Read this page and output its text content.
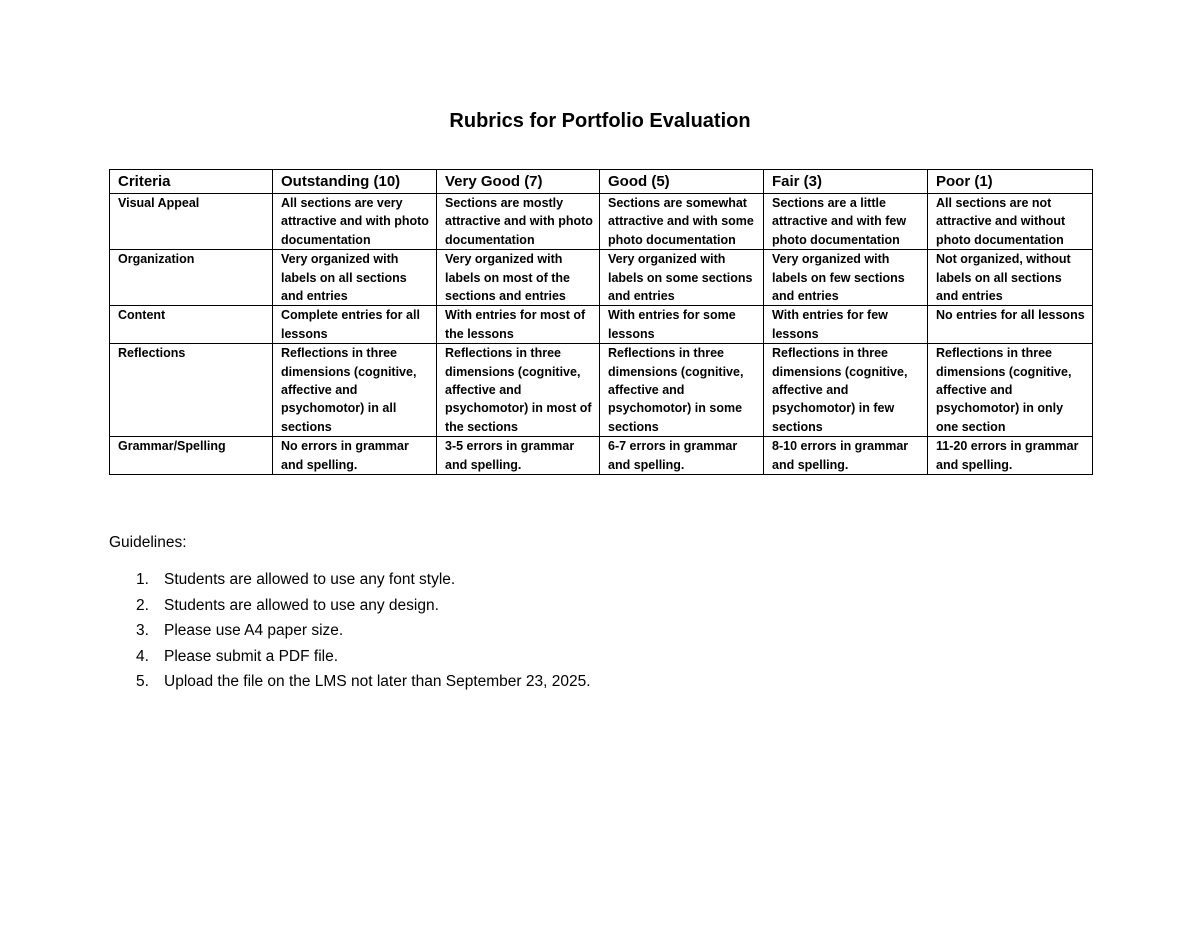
Rubrics for Portfolio Evaluation
Criteria	Outstanding (10)	Very Good (7)	Good (5)	Fair (3)	Poor (1)
Visual Appeal	All sections are very attractive and with photo documentation	Sections are mostly attractive and with photo documentation	Sections are somewhat attractive and with some photo documentation	Sections are a little attractive and with few photo documentation	All sections are not attractive and without photo documentation
Organization	Very organized with labels on all sections and entries	Very organized with labels on most of the sections and entries	Very organized with labels on some sections and entries	Very organized with labels on few sections and entries	Not organized, without labels on all sections and entries
Content	Complete entries for all lessons	With entries for most of the lessons	With entries for some lessons	With entries for few lessons	No entries for all lessons
Reflections	Reflections in three dimensions (cognitive, affective and psychomotor) in all sections	Reflections in three dimensions (cognitive, affective and psychomotor) in most of the sections	Reflections in three dimensions (cognitive, affective and psychomotor) in some sections	Reflections in three dimensions (cognitive, affective and psychomotor) in few sections	Reflections in three dimensions (cognitive, affective and psychomotor) in only one section
Grammar/Spelling	No errors in grammar and spelling.	3-5 errors in grammar and spelling.	6-7 errors in grammar and spelling.	8-10 errors in grammar and spelling.	11-20 errors in grammar and spelling.
Guidelines:
1. Students are allowed to use any font style.
2. Students are allowed to use any design.
3. Please use A4 paper size.
4. Please submit a PDF file.
5. Upload the file on the LMS not later than September 23, 2025.
